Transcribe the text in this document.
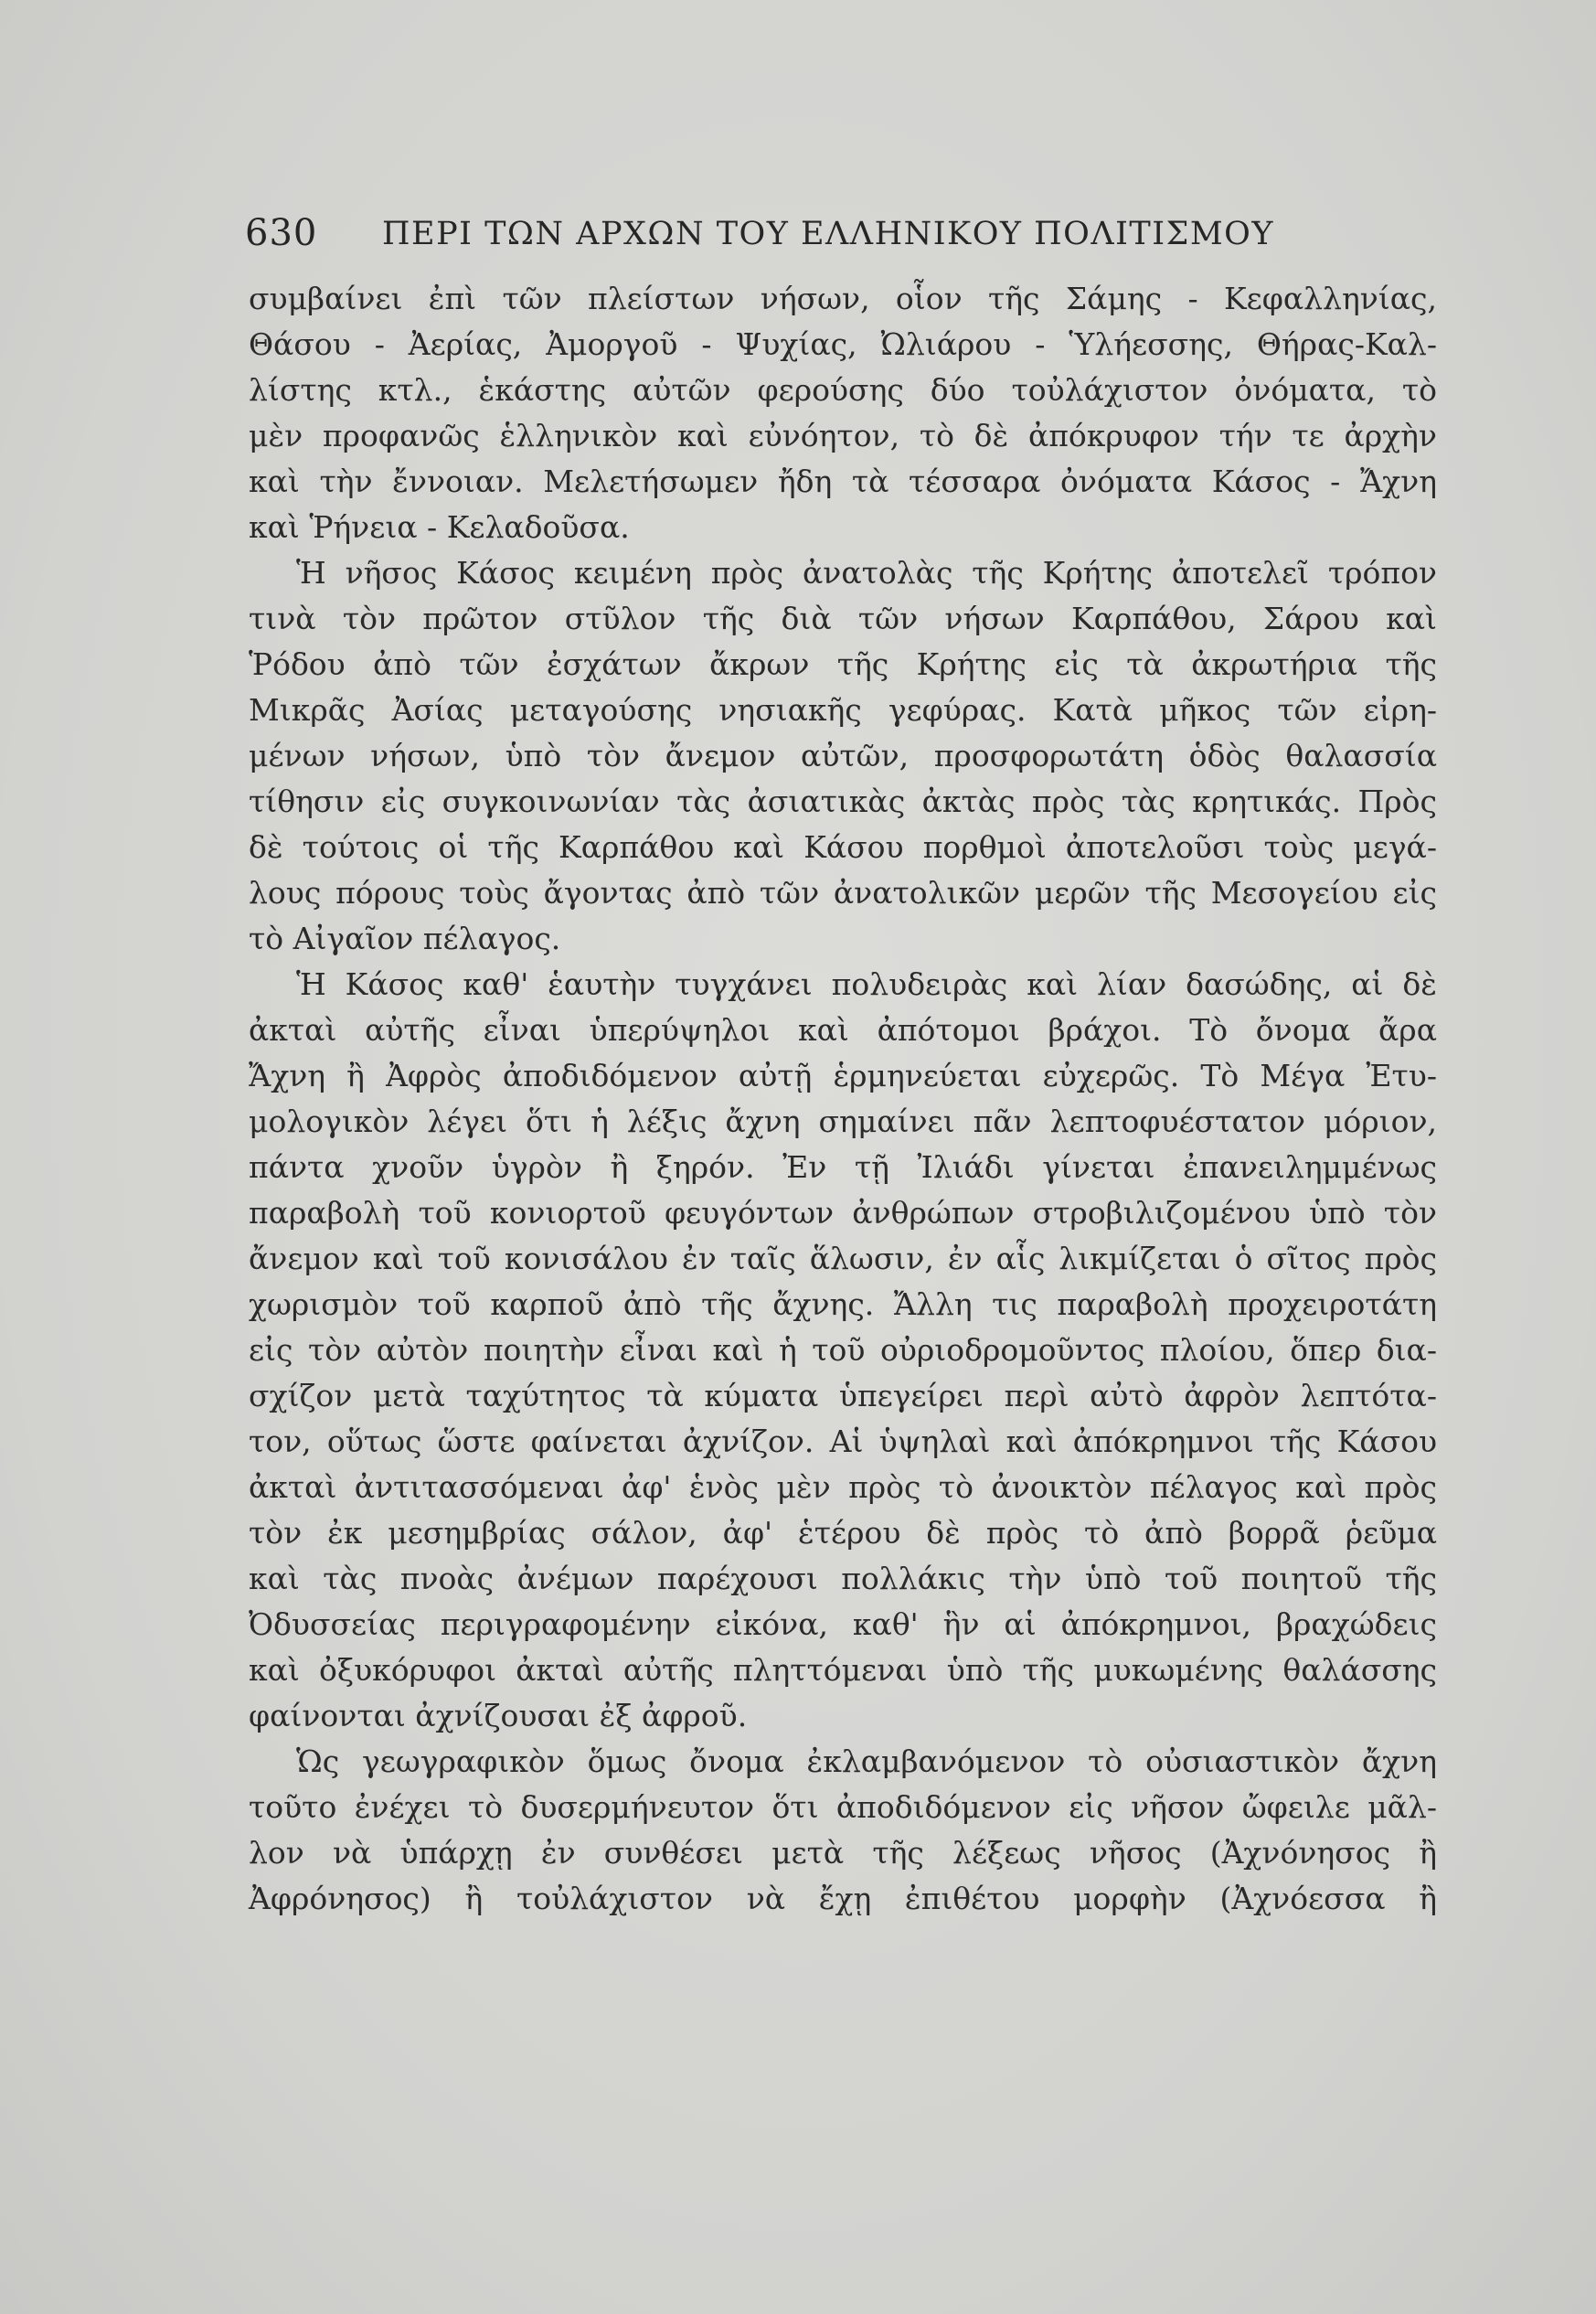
630 ΠΕΡΙ ΤΩΝ ΑΡΧΩΝ ΤΟΥ ΕΛΛΗΝΙΚΟΥ ΠΟΛΙΤΙΣΜΟΥ
συμβαίνει ἐπὶ τῶν πλείστων νήσων, οἷον τῆς Σάμης - Κεφαλληνίας,
Θάσου - Ἀερίας, Ἀμοργοῦ - Ψυχίας, Ὠλιάρου - Ὑλήεσσης, Θήρας-Καλ-
λίστης κτλ., ἑκάστης αὐτῶν φερούσης δύο τοὐλάχιστον ὀνόματα, τὸ
μὲν προφανῶς ἑλληνικὸν καὶ εὐνόητον, τὸ δὲ ἀπόκρυφον τήν τε ἀρχὴν
καὶ τὴν ἔννοιαν. Μελετήσωμεν ἤδη τὰ τέσσαρα ὀνόματα Κάσος - Ἄχνη
καὶ Ῥήνεια - Κελαδοῦσα.
Ἡ νῆσος Κάσος κειμένη πρὸς ἀνατολὰς τῆς Κρήτης ἀποτελεῖ τρόπον
τινὰ τὸν πρῶτον στῦλον τῆς διὰ τῶν νήσων Καρπάθου, Σάρου καὶ
Ῥόδου ἀπὸ τῶν ἐσχάτων ἄκρων τῆς Κρήτης εἰς τὰ ἀκρωτήρια τῆς
Μικρᾶς Ἀσίας μεταγούσης νησιακῆς γεφύρας. Κατὰ μῆκος τῶν εἰρη-
μένων νήσων, ὑπὸ τὸν ἄνεμον αὐτῶν, προσφορωτάτη ὁδὸς θαλασσία
τίθησιν εἰς συγκοινωνίαν τὰς ἀσιατικὰς ἀκτὰς πρὸς τὰς κρητικάς. Πρὸς
δὲ τούτοις οἱ τῆς Καρπάθου καὶ Κάσου πορθμοὶ ἀποτελοῦσι τοὺς μεγά-
λους πόρους τοὺς ἄγοντας ἀπὸ τῶν ἀνατολικῶν μερῶν τῆς Μεσογείου εἰς
τὸ Αἰγαῖον πέλαγος.
Ἡ Κάσος καθ' ἑαυτὴν τυγχάνει πολυδειρὰς καὶ λίαν δασώδης, αἱ δὲ
ἀκταὶ αὐτῆς εἶναι ὑπερύψηλοι καὶ ἀπότομοι βράχοι. Τὸ ὄνομα ἄρα
Ἄχνη ἢ Ἀφρὸς ἀποδιδόμενον αὐτῇ ἑρμηνεύεται εὐχερῶς. Τὸ Μέγα Ἐτυ-
μολογικὸν λέγει ὅτι ἡ λέξις ἄχνη σημαίνει πᾶν λεπτοφυέστατον μόριον,
πάντα χνοῦν ὑγρὸν ἢ ξηρόν. Ἐν τῇ Ἰλιάδι γίνεται ἐπανειλημμένως
παραβολὴ τοῦ κονιορτοῦ φευγόντων ἀνθρώπων στροβιλιζομένου ὑπὸ τὸν
ἄνεμον καὶ τοῦ κονισάλου ἐν ταῖς ἅλωσιν, ἐν αἷς λικμίζεται ὁ σῖτος πρὸς
χωρισμὸν τοῦ καρποῦ ἀπὸ τῆς ἄχνης. Ἄλλη τις παραβολὴ προχειροτάτη
εἰς τὸν αὐτὸν ποιητὴν εἶναι καὶ ἡ τοῦ οὐριοδρομοῦντος πλοίου, ὅπερ δια-
σχίζον μετὰ ταχύτητος τὰ κύματα ὑπεγείρει περὶ αὐτὸ ἀφρὸν λεπτότα-
τον, οὕτως ὥστε φαίνεται ἀχνίζον. Αἱ ὑψηλαὶ καὶ ἀπόκρημνοι τῆς Κάσου
ἀκταὶ ἀντιτασσόμεναι ἀφ' ἑνὸς μὲν πρὸς τὸ ἀνοικτὸν πέλαγος καὶ πρὸς
τὸν ἐκ μεσημβρίας σάλον, ἀφ' ἑτέρου δὲ πρὸς τὸ ἀπὸ βορρᾶ ῥεῦμα
καὶ τὰς πνοὰς ἀνέμων παρέχουσι πολλάκις τὴν ὑπὸ τοῦ ποιητοῦ τῆς
Ὀδυσσείας περιγραφομένην εἰκόνα, καθ' ἣν αἱ ἀπόκρημνοι, βραχώδεις
καὶ ὀξυκόρυφοι ἀκταὶ αὐτῆς πληττόμεναι ὑπὸ τῆς μυκωμένης θαλάσσης
φαίνονται ἀχνίζουσαι ἐξ ἀφροῦ.
Ὡς γεωγραφικὸν ὅμως ὄνομα ἐκλαμβανόμενον τὸ οὐσιαστικὸν ἄχνη
τοῦτο ἐνέχει τὸ δυσερμήνευτον ὅτι ἀποδιδόμενον εἰς νῆσον ὤφειλε μᾶλ-
λον νὰ ὑπάρχῃ ἐν συνθέσει μετὰ τῆς λέξεως νῆσος (Ἀχνόνησος ἢ
Ἀφρόνησος) ἢ τοὐλάχιστον νὰ ἔχῃ ἐπιθέτου μορφὴν (Ἀχνόεσσα ἢ
